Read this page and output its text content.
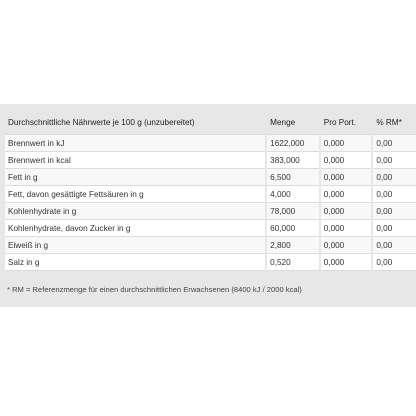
Durchschnittliche Nährwerte je 100 g (unzubereitet)	Menge	Pro Port.	% RM*
Brennwert in kJ	1622,000	0,000	0,00
Brennwert in kcal	383,000	0,000	0,00
Fett in g	6,500	0,000	0,00
Fett, davon gesättigte Fettsäuren in g	4,000	0,000	0,00
Kohlenhydrate in g	78,000	0,000	0,00
Kohlenhydrate, davon Zucker in g	60,000	0,000	0,00
Eiweiß in g	2,800	0,000	0,00
Salz in g	0,520	0,000	0,00
* RM = Referenzmenge für einen durchschnittlichen Erwachsenen (8400 kJ / 2000 kcal)
